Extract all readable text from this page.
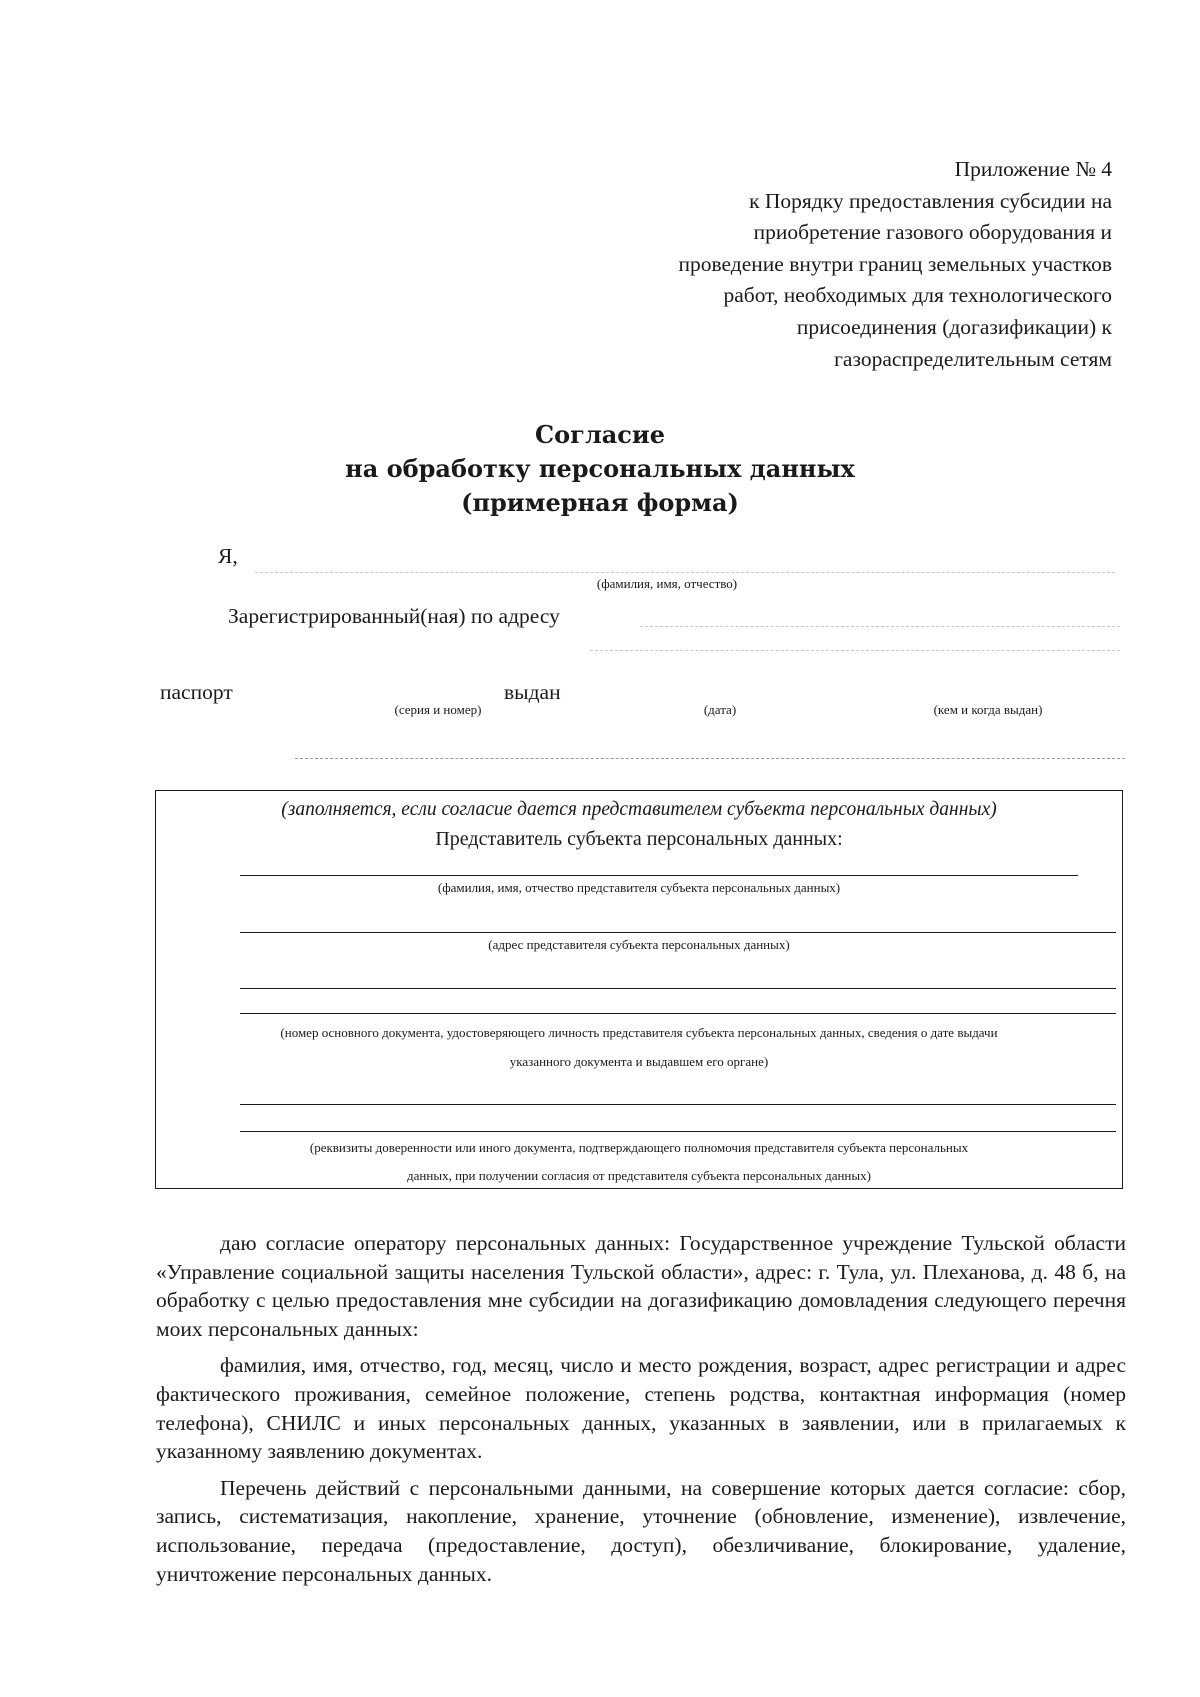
Приложение № 4
к Порядку предоставления субсидии на
приобретение газового оборудования и
проведение внутри границ земельных участков
работ, необходимых для технологического
присоединения (догазификации) к
газораспределительным сетям
Согласие
на обработку персональных данных
(примерная форма)
Я,
(фамилия, имя, отчество)
Зарегистрированный(ная) по адресу
паспорт
(серия и номер)
выдан
(дата)	(кем и когда выдан)
(заполняется, если согласие дается представителем субъекта персональных данных)
Представитель субъекта персональных данных:
(фамилия, имя, отчество представителя субъекта персональных данных)
(адрес представителя субъекта персональных данных)
(номер основного документа, удостоверяющего личность представителя субъекта персональных данных, сведения о дате выдачи
указанного документа и выдавшем его органе)
(реквизиты доверенности или иного документа, подтверждающего полномочия представителя субъекта персональных
данных, при получении согласия от представителя субъекта персональных данных)

даю согласие оператору персональных данных: Государственное учреждение Тульской области «Управление социальной защиты населения Тульской области», адрес: г. Тула, ул. Плеханова, д. 48 б, на обработку с целью предоставления мне субсидии на догазификацию домовладения следующего перечня моих персональных данных:

фамилия, имя, отчество, год, месяц, число и место рождения, возраст, адрес регистрации и адрес фактического проживания, семейное положение, степень родства, контактная информация (номер телефона), СНИЛС и иных персональных данных, указанных в заявлении, или в прилагаемых к указанному заявлению документах.

Перечень действий с персональными данными, на совершение которых дается согласие: сбор, запись, систематизация, накопление, хранение, уточнение (обновление, изменение), извлечение, использование, передача (предоставление, доступ), обезличивание, блокирование, удаление, уничтожение персональных данных.
